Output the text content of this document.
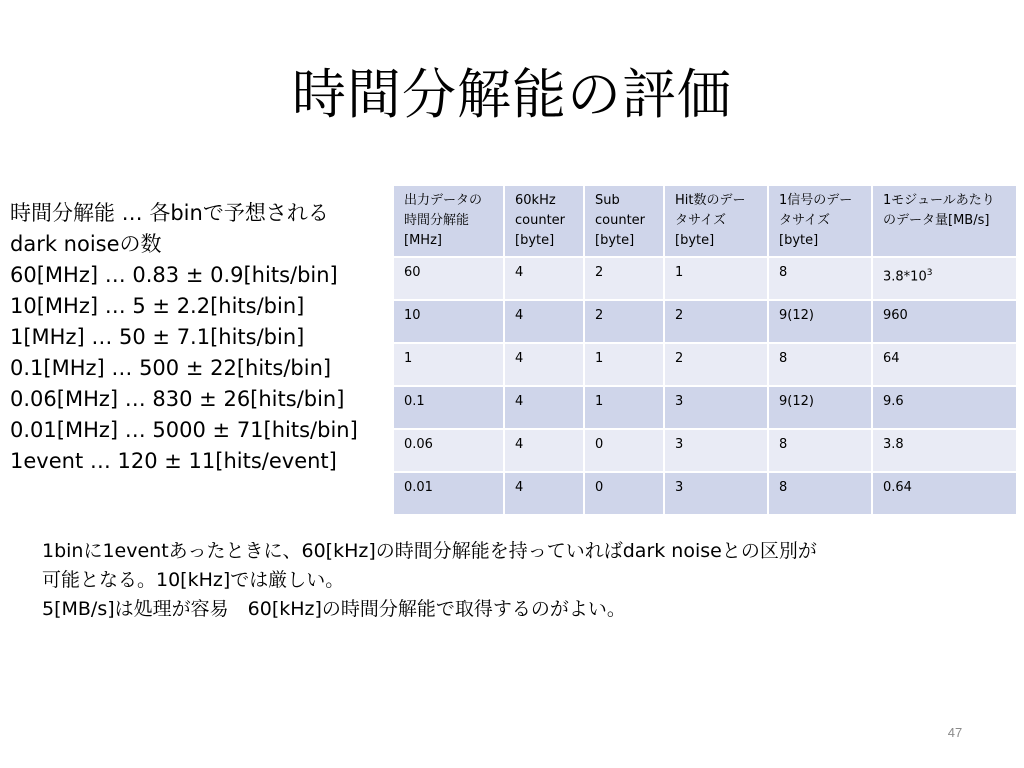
時間分解能の評価
時間分解能 … 各binで予想される
dark noiseの数
60[MHz] … 0.83 ± 0.9[hits/bin]
10[MHz] … 5 ± 2.2[hits/bin]
1[MHz] … 50 ± 7.1[hits/bin]
0.1[MHz] … 500 ± 22[hits/bin]
0.06[MHz] … 830 ± 26[hits/bin]
0.01[MHz] … 5000 ± 71[hits/bin]
1event … 120 ± 11[hits/event]
出力データの時間分解能[MHz]	60kHz counter [byte]	Sub counter [byte]	Hit数のデータサイズ[byte]	1信号のデータサイズ[byte]	1モジュールあたりのデータ量[MB/s]
60	4	2	1	8	$3.8*10^3$
10	4	2	2	9(12)	960
1	4	1	2	8	64
0.1	4	1	3	9(12)	9.6
0.06	4	0	3	8	3.8
0.01	4	0	3	8	0.64
1binに1eventあったときに、60[kHz]の時間分解能を持っていればdark noiseとの区別が
可能となる。10[kHz]では厳しい。
5[MB/s]は処理が容易　60[kHz]の時間分解能で取得するのがよい。
47
